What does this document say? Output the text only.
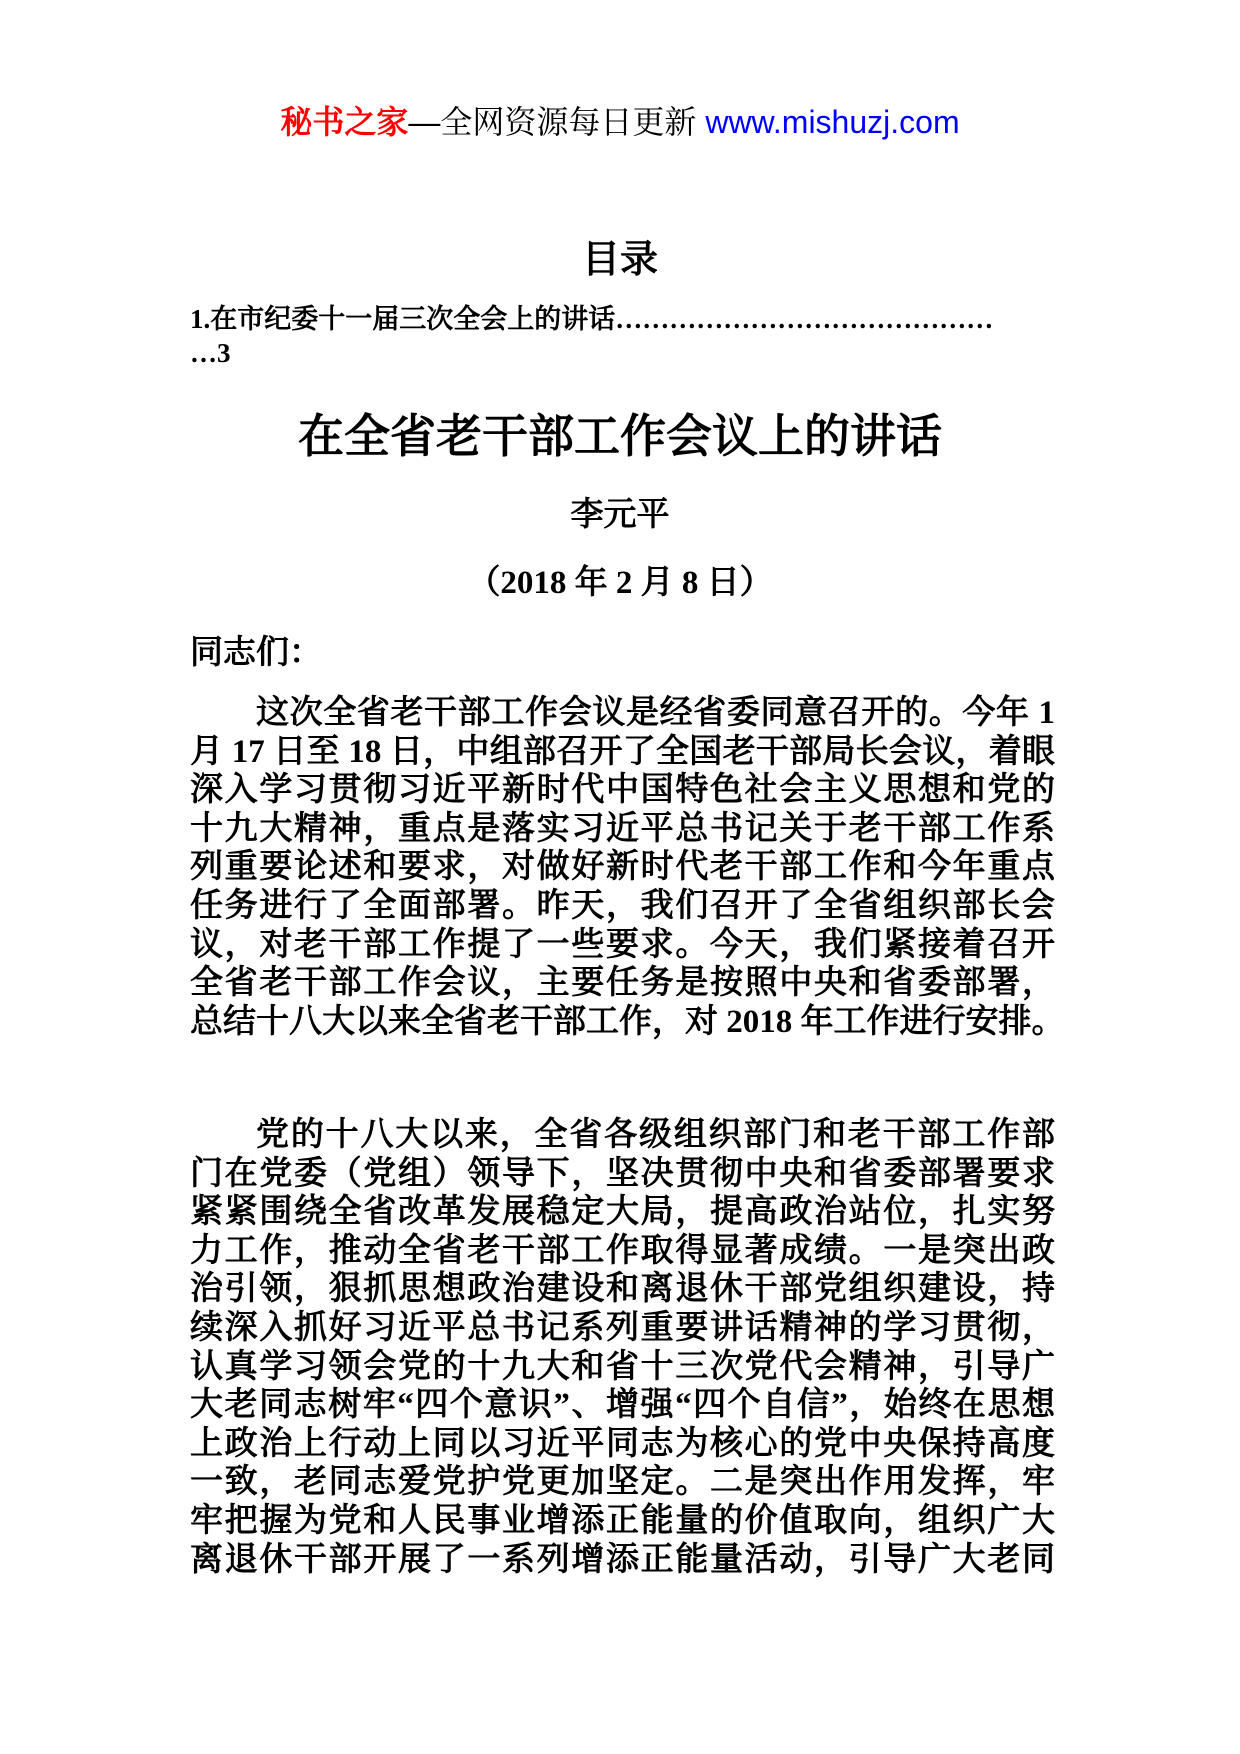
秘书之家—全网资源每日更新 www.mishuzj.com
目录
1.在市纪委十一届三次全会上的讲话……………………………………
…3
在全省老干部工作会议上的讲话
李元平
（2018 年 2 月 8 日）
同志们：
这次全省老干部工作会议是经省委同意召开的。今年 1
月 17 日至 18 日，中组部召开了全国老干部局长会议，着眼
深入学习贯彻习近平新时代中国特色社会主义思想和党的
十九大精神，重点是落实习近平总书记关于老干部工作系
列重要论述和要求，对做好新时代老干部工作和今年重点
任务进行了全面部署。昨天，我们召开了全省组织部长会
议，对老干部工作提了一些要求。今天，我们紧接着召开
全省老干部工作会议，主要任务是按照中央和省委部署，
总结十八大以来全省老干部工作，对 2018 年工作进行安排。
党的十八大以来，全省各级组织部门和老干部工作部
门在党委（党组）领导下，坚决贯彻中央和省委部署要求
紧紧围绕全省改革发展稳定大局，提高政治站位，扎实努
力工作，推动全省老干部工作取得显著成绩。一是突出政
治引领，狠抓思想政治建设和离退休干部党组织建设，持
续深入抓好习近平总书记系列重要讲话精神的学习贯彻，
认真学习领会党的十九大和省十三次党代会精神，引导广
大老同志树牢“四个意识”、增强“四个自信”，始终在思想
上政治上行动上同以习近平同志为核心的党中央保持高度
一致，老同志爱党护党更加坚定。二是突出作用发挥，牢
牢把握为党和人民事业增添正能量的价值取向，组织广大
离退休干部开展了一系列增添正能量活动，引导广大老同
